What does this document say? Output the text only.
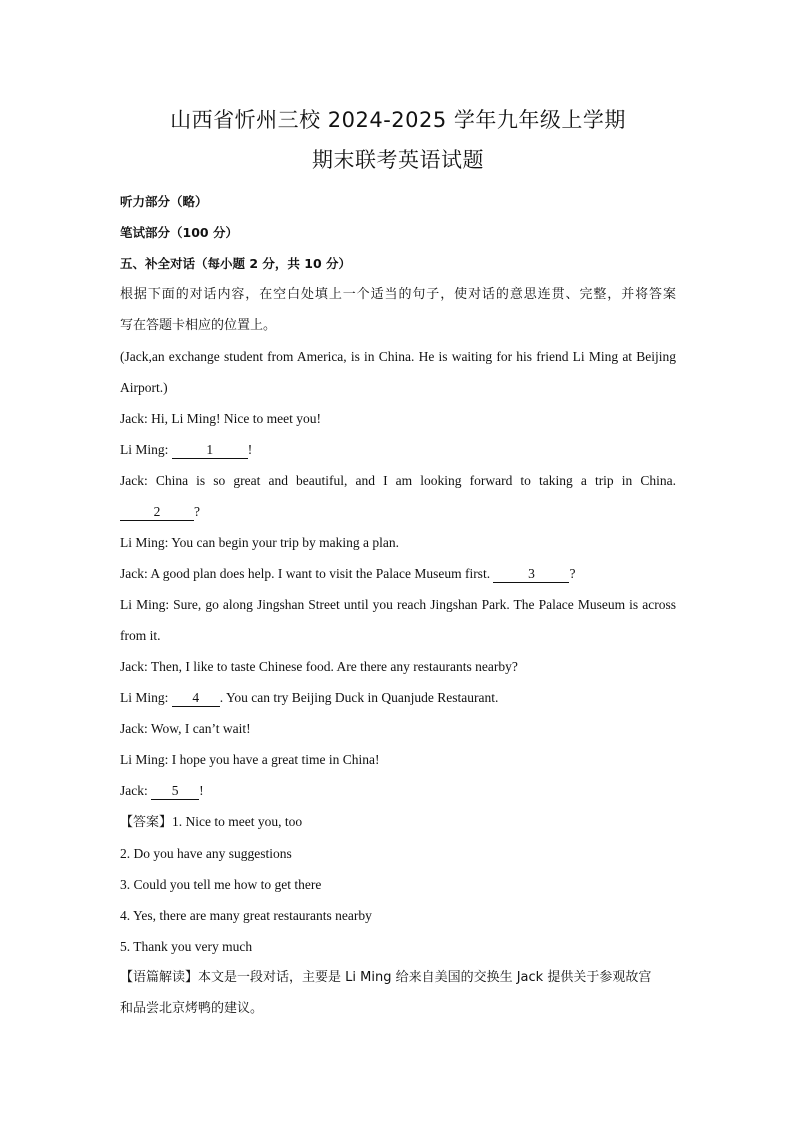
山西省忻州三校 2024-2025 学年九年级上学期

期末联考英语试题

听力部分（略）

笔试部分（100 分）

五、补全对话（每小题 2 分，共 10 分）

根据下面的对话内容，在空白处填上一个适当的句子，使对话的意思连贯、完整，并将答案

写在答题卡相应的位置上。

(Jack,an exchange student from America, is in China. He is waiting for his friend Li Ming at Beijing

Airport.)

Jack: Hi, Li Ming! Nice to meet you!

Li Ming:	1	!

Jack: China is so great and beautiful, and I am looking forward to taking a trip in China.

2 ?

Li Ming: You can begin your trip by making a plan.

Jack: A good plan does help. I want to visit the Palace Museum first.	3	?

Li Ming: Sure, go along Jingshan Street until you reach Jingshan Park. The Palace Museum is across

from it.

Jack: Then, I like to taste Chinese food. Are there any restaurants nearby?

Li Ming: 4 . You can try Beijing Duck in Quanjude Restaurant.

Jack: Wow, I can’t wait!

Li Ming: I hope you have a great time in China!

Jack: 5 !

【答案】1. Nice to meet you, too

2. Do you have any suggestions

3. Could you tell me how to get there

4. Yes, there are many great restaurants nearby

5. Thank you very much

【语篇解读】本文是一段对话，主要是 Li Ming 给来自美国的交换生 Jack 提供关于参观故宫

和品尝北京烤鸭的建议。
